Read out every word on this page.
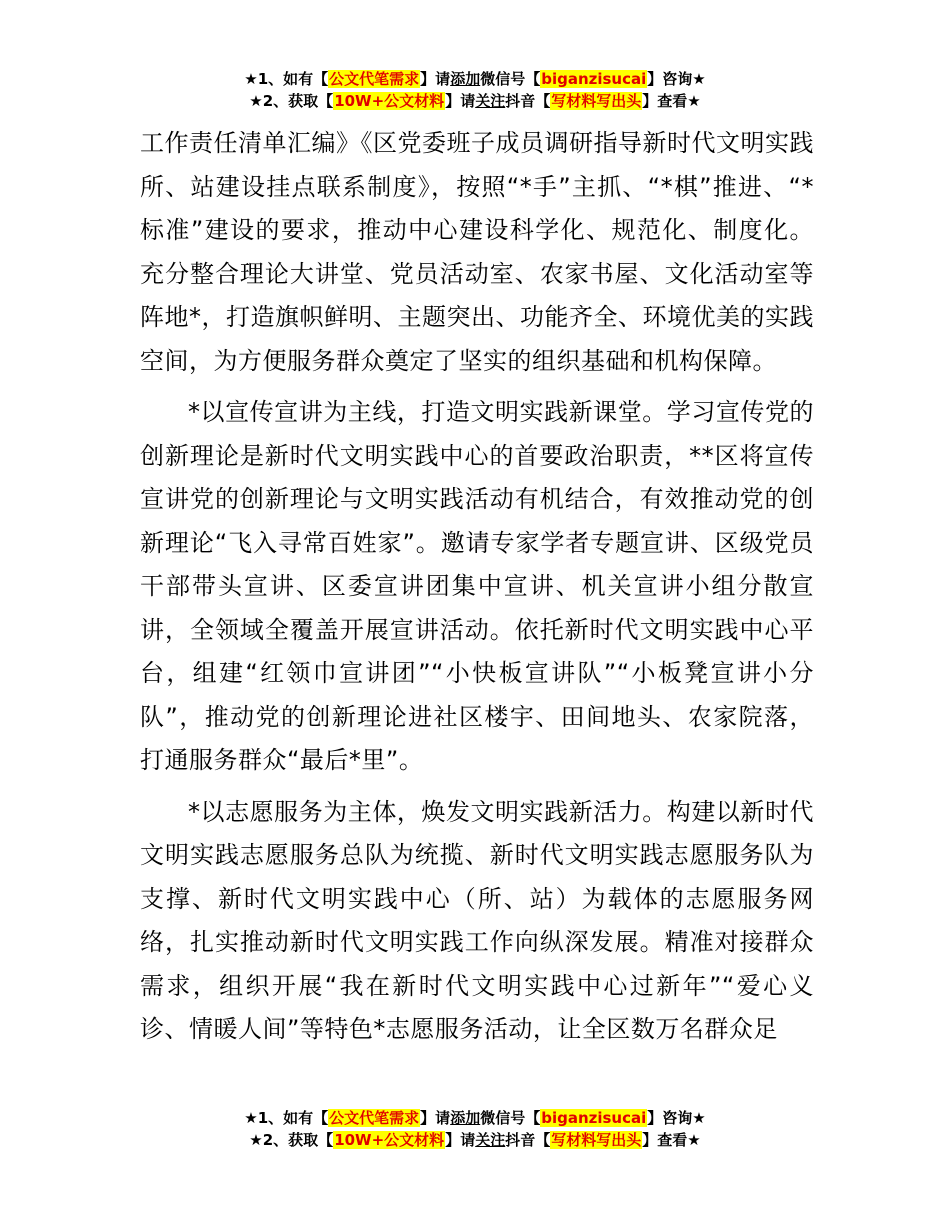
★1、如有【公文代笔需求】请添加微信号【biganzisucai】咨询★
★2、获取【10W+公文材料】请关注抖音【写材料写出头】查看★

工作责任清单汇编》《区党委班子成员调研指导新时代文明实践所、站建设挂点联系制度》，按照“*手”主抓、“*棋”推进、“*标准”建设的要求，推动中心建设科学化、规范化、制度化。充分整合理论大讲堂、党员活动室、农家书屋、文化活动室等阵地*，打造旗帜鲜明、主题突出、功能齐全、环境优美的实践空间，为方便服务群众奠定了坚实的组织基础和机构保障。

*以宣传宣讲为主线，打造文明实践新课堂。学习宣传党的创新理论是新时代文明实践中心的首要政治职责，**区将宣传宣讲党的创新理论与文明实践活动有机结合，有效推动党的创新理论“飞入寻常百姓家”。邀请专家学者专题宣讲、区级党员干部带头宣讲、区委宣讲团集中宣讲、机关宣讲小组分散宣讲，全领域全覆盖开展宣讲活动。依托新时代文明实践中心平台，组建“红领巾宣讲团”“小快板宣讲队”“小板凳宣讲小分队”，推动党的创新理论进社区楼宇、田间地头、农家院落，打通服务群众“最后*里”。

*以志愿服务为主体，焕发文明实践新活力。构建以新时代文明实践志愿服务总队为统揽、新时代文明实践志愿服务队为支撑、新时代文明实践中心（所、站）为载体的志愿服务网络，扎实推动新时代文明实践工作向纵深发展。精准对接群众需求，组织开展“我在新时代文明实践中心过新年”“爱心义诊、情暖人间”等特色*志愿服务活动，让全区数万名群众足

★1、如有【公文代笔需求】请添加微信号【biganzisucai】咨询★
★2、获取【10W+公文材料】请关注抖音【写材料写出头】查看★
